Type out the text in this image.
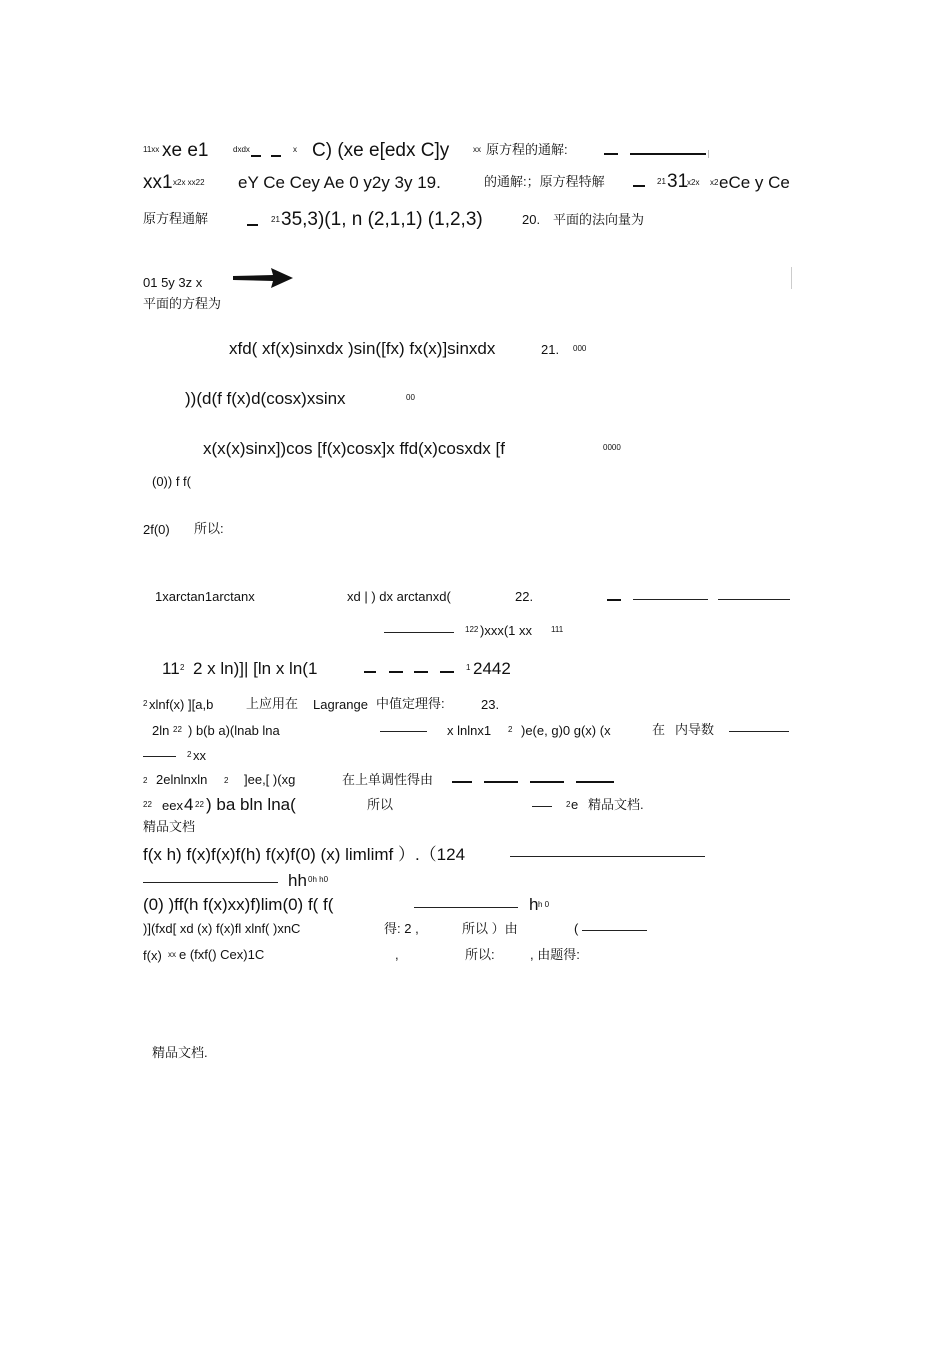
11xx xe e1	dxdx	x C) (xe e[edx C]y	xx 原方程的通解:
xx1 x2x xx22 eY Ce Cey Ae 0 y2y 3y 19.	的通解:；原方程特解	21 31
x2x x2 eCe y Ce
原方程通解	21 35,3)(1, n (2,1,1) (1,2,3)	20. 平面的法向量为
01 5y 3z x
平面的方程为
xfd( xf(x)sinxdx )sin([fx) fx(x)]sinxdx	21. 000
))(d(f f(x)d(cosx)xsinx	00
x(x(x)sinx])cos [f(x)cosx]x ffd(x)cosxdx [f	0000
(0)) f f(
2f(0) 所以:
1xarctan1arctanx	xd | ) dx arctanxd(	22.
122 )xxx(1 xx 111
11 2 2 x ln)]| [ln x ln(1	1 2442
2 xlnf(x) ][a,b	上应用在 Lagrange 中值定理得:	23.
2ln 22 ) b(b a)(lnab lna	x lnlnx1 2 )e(e, g)0 g(x) (x	在 内导数
2 xx
2 2elnlnxln 2 ]ee,[ )(xg	在上单调性得由
22 eex 4 22 ) ba bln lna(	所以	2 e 精品文档.
精品文档
f(x h) f(x)f(x)f(h) f(x)f(0) (x) limlimf ）.（124
hh 0h h0
(0) )ff(h f(x)xx)f)lim(0) f( f(	h h 0
)](fxd[ xd (x) f(x)fl xlnf( )xnC	得: 2 ,	所以 ）由	(
f(x) xx e (fxf() Cex)1C	,	所以:	, 由题得:
精品文档.
